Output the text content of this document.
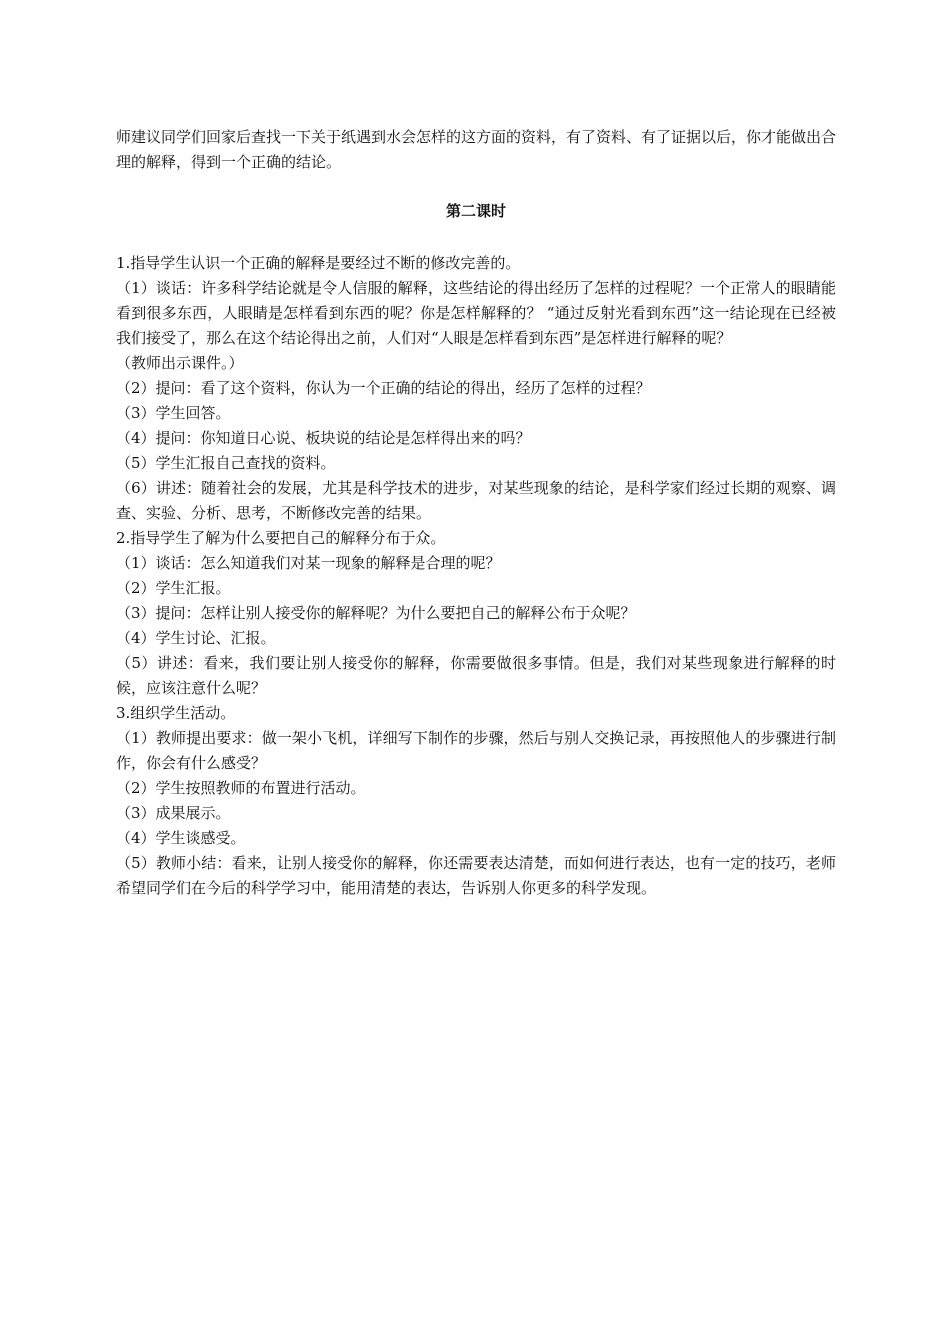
师建议同学们回家后查找一下关于纸遇到水会怎样的这方面的资料，有了资料、有了证据以后，你才能做出合理的解释，得到一个正确的结论。

第二课时

1.指导学生认识一个正确的解释是要经过不断的修改完善的。

（1）谈话：许多科学结论就是令人信服的解释，这些结论的得出经历了怎样的过程呢？一个正常人的眼睛能看到很多东西，人眼睛是怎样看到东西的呢？你是怎样解释的？ “通过反射光看到东西”这一结论现在已经被我们接受了，那么在这个结论得出之前，人们对“人眼是怎样看到东西”是怎样进行解释的呢？

（教师出示课件。）

（2）提问：看了这个资料，你认为一个正确的结论的得出，经历了怎样的过程？

（3）学生回答。

（4）提问：你知道日心说、板块说的结论是怎样得出来的吗？

（5）学生汇报自己查找的资料。

（6）讲述：随着社会的发展，尤其是科学技术的进步，对某些现象的结论，是科学家们经过长期的观察、调查、实验、分析、思考，不断修改完善的结果。

2.指导学生了解为什么要把自己的解释分布于众。

（1）谈话：怎么知道我们对某一现象的解释是合理的呢？

（2）学生汇报。

（3）提问：怎样让别人接受你的解释呢？为什么要把自己的解释公布于众呢？

（4）学生讨论、汇报。

（5）讲述：看来，我们要让别人接受你的解释，你需要做很多事情。但是，我们对某些现象进行解释的时候，应该注意什么呢？

3.组织学生活动。

（1）教师提出要求：做一架小飞机，详细写下制作的步骤，然后与别人交换记录，再按照他人的步骤进行制作，你会有什么感受？

（2）学生按照教师的布置进行活动。

（3）成果展示。

（4）学生谈感受。

（5）教师小结：看来，让别人接受你的解释，你还需要表达清楚，而如何进行表达，也有一定的技巧，老师希望同学们在今后的科学学习中，能用清楚的表达，告诉别人你更多的科学发现。
